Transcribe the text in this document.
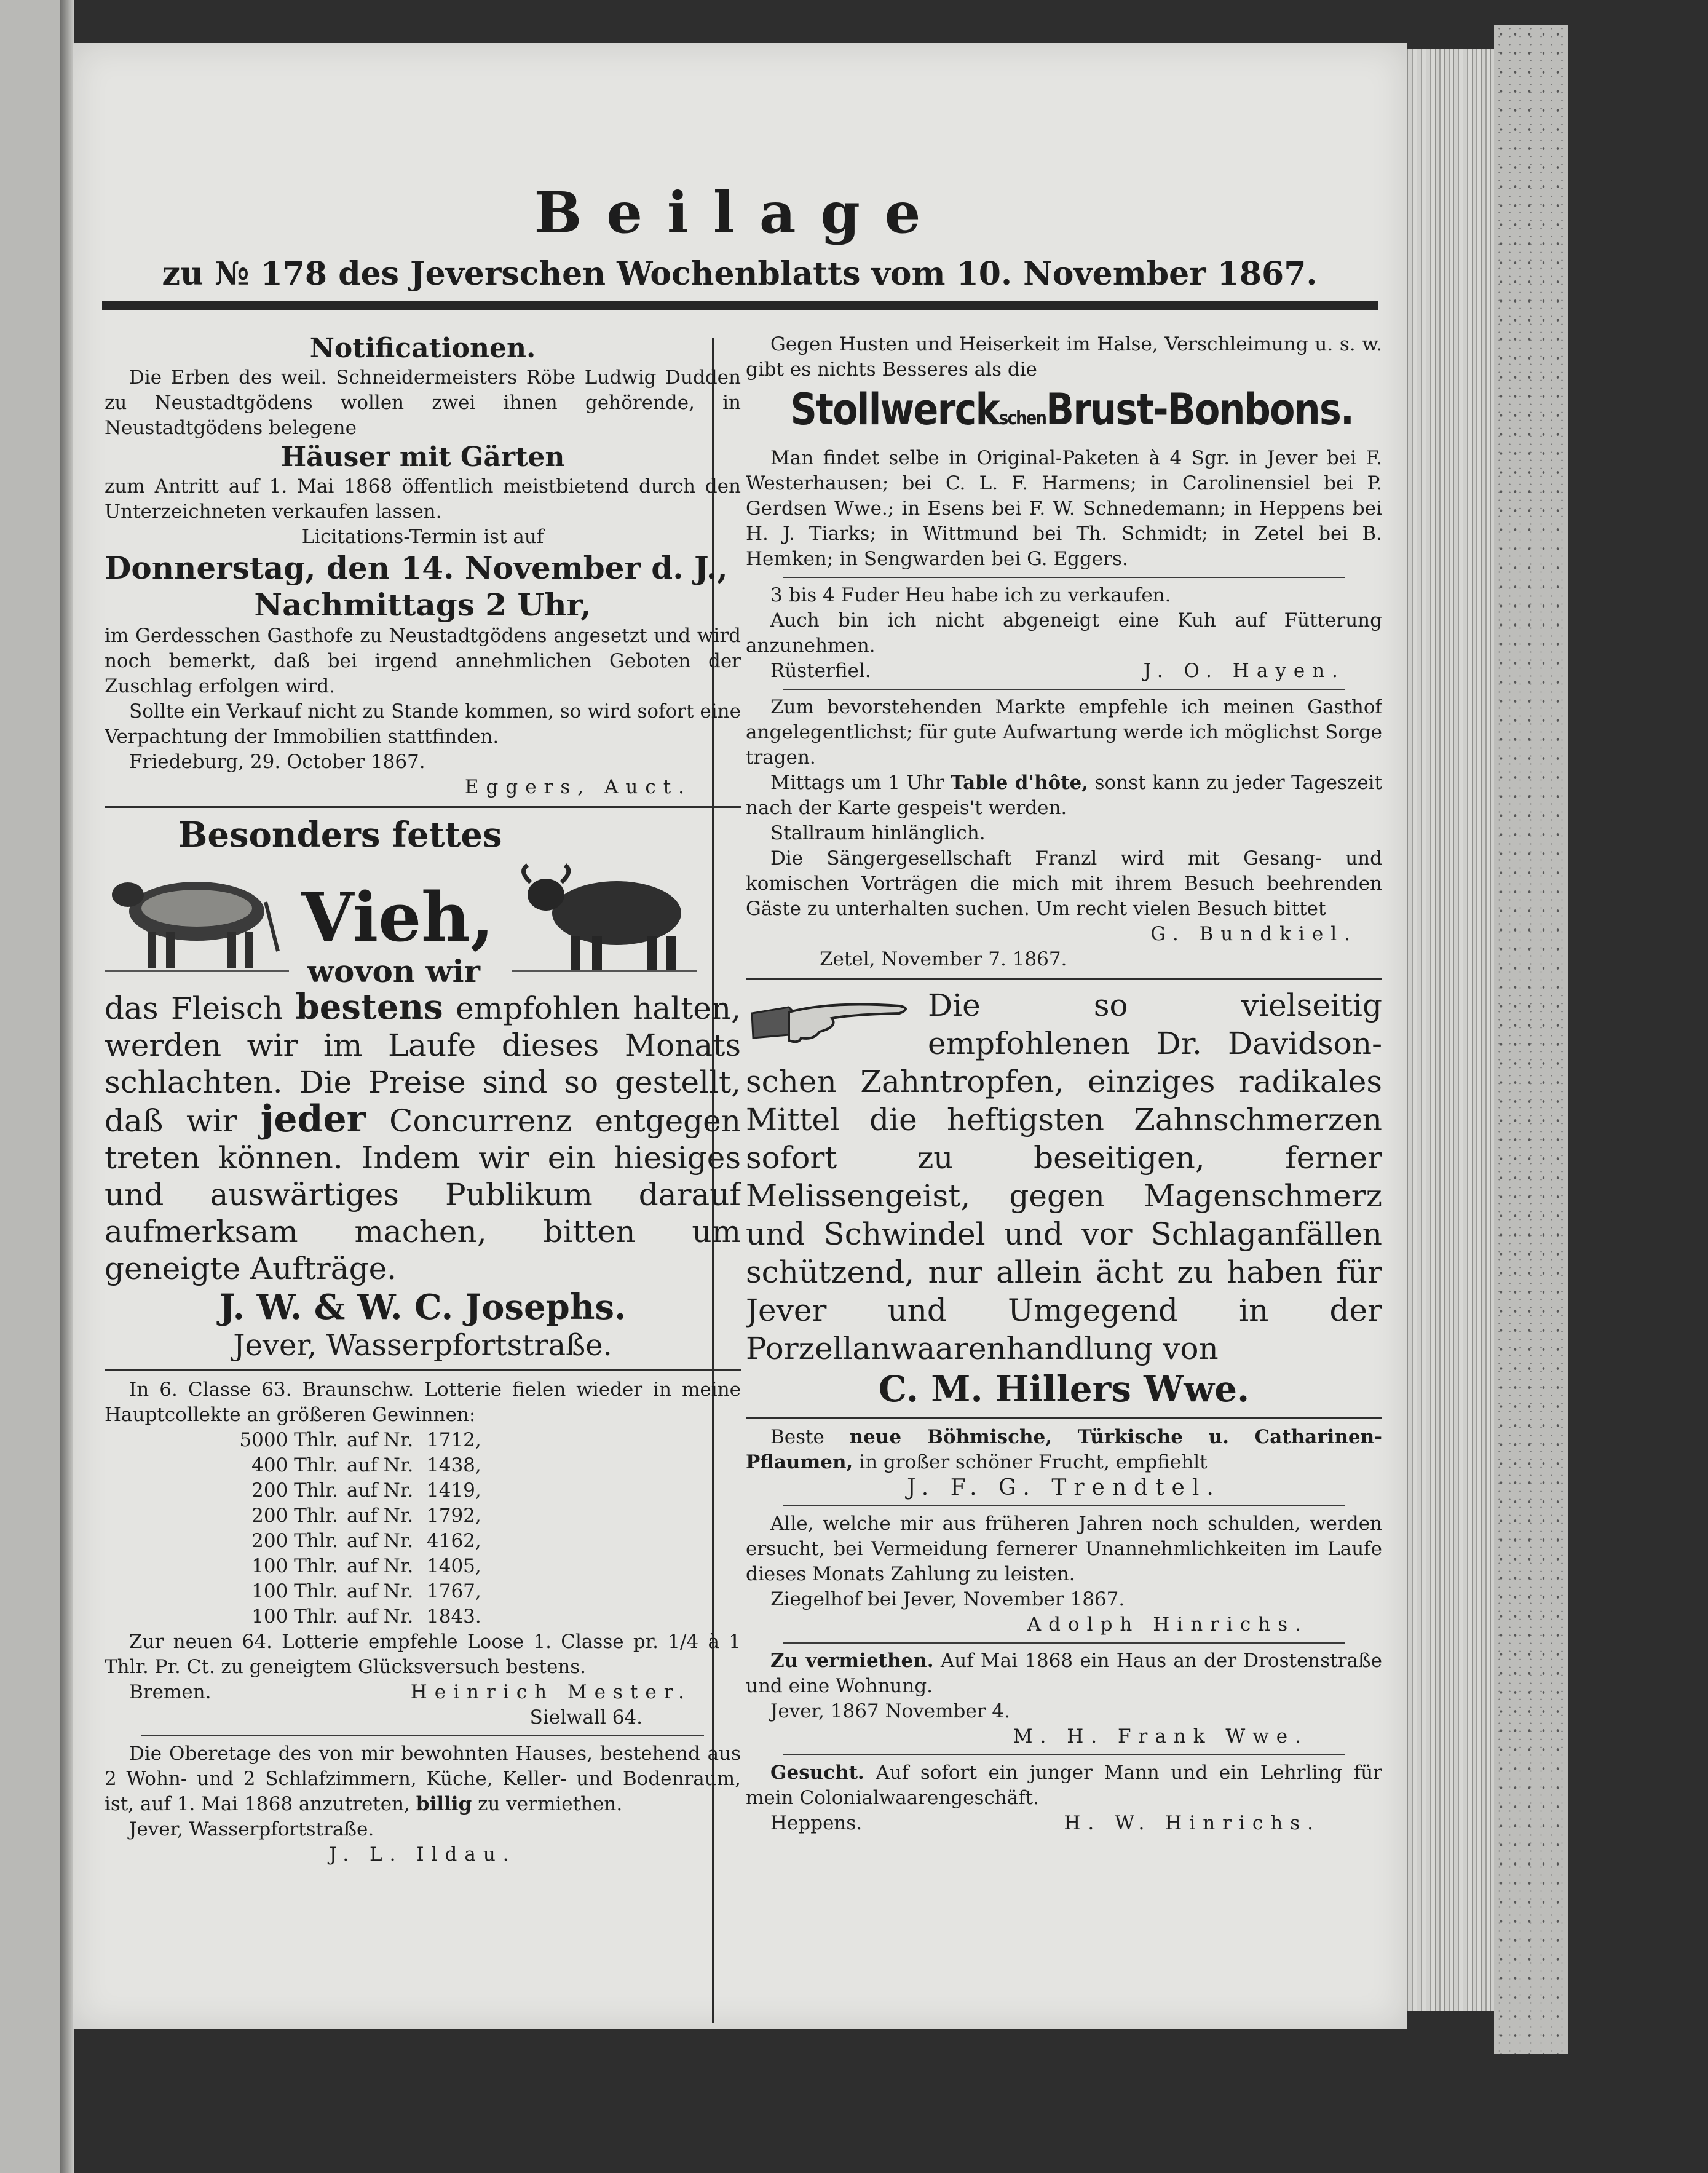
Beilage
zu № 178 des Jeverschen Wochenblatts vom 10. November 1867.

Notificationen.

Die Erben des weil. Schneidermeisters Röbe Ludwig Dudden zu Neustadtgödens wollen zwei ihnen gehörende, in Neustadtgödens belegene

Häuser mit Gärten

zum Antritt auf 1. Mai 1868 öffentlich meistbietend durch den Unterzeichneten verkaufen lassen.

Licitations-Termin ist auf

Donnerstag, den 14. November d. J.,

Nachmittags 2 Uhr,

im Gerdesschen Gasthofe zu Neustadtgödens angesetzt und wird noch bemerkt, daß bei irgend annehmlichen Geboten der Zuschlag erfolgen wird.

Sollte ein Verkauf nicht zu Stande kommen, so wird sofort eine Verpachtung der Immobilien stattfinden.

Friedeburg, 29. October 1867.

Eggers, Auct.

Besonders fettes

Vieh,

wovon wir

das Fleisch bestens empfohlen halten, werden wir im Laufe dieses Monats schlachten. Die Preise sind so gestellt, daß wir jeder Concurrenz entgegen treten können. Indem wir ein hiesiges und auswärtiges Publikum darauf aufmerksam machen, bitten um geneigte Aufträge.

J. W. & W. C. Josephs.

Jever, Wasserpfortstraße.

In 6. Classe 63. Braunschw. Lotterie fielen wieder in meine Hauptcollekte an größeren Gewinnen:

5000 Thlr. auf Nr. 1712,
400 Thlr. auf Nr. 1438,
200 Thlr. auf Nr. 1419,
200 Thlr. auf Nr. 1792,
200 Thlr. auf Nr. 4162,
100 Thlr. auf Nr. 1405,
100 Thlr. auf Nr. 1767,
100 Thlr. auf Nr. 1843.

Zur neuen 64. Lotterie empfehle Loose 1. Classe pr. 1/4 à 1 Thlr. Pr. Ct. zu geneigtem Glücksversuch bestens.

Bremen.	Heinrich Mester.

Sielwall 64.

Die Oberetage des von mir bewohnten Hauses, bestehend aus 2 Wohn- und 2 Schlafzimmern, Küche, Keller- und Bodenraum, ist, auf 1. Mai 1868 anzutreten, billig zu vermiethen.

Jever, Wasserpfortstraße.

J. L. Ildau.

Gegen Husten und Heiserkeit im Halse, Verschleimung u. s. w. gibt es nichts Besseres als die

StollwerckschenBrust-Bonbons.

Man findet selbe in Original-Paketen à 4 Sgr. in Jever bei F. Westerhausen; bei C. L. F. Harmens; in Carolinensiel bei P. Gerdsen Wwe.; in Esens bei F. W. Schnedemann; in Heppens bei H. J. Tiarks; in Wittmund bei Th. Schmidt; in Zetel bei B. Hemken; in Sengwarden bei G. Eggers.

3 bis 4 Fuder Heu habe ich zu verkaufen.

Auch bin ich nicht abgeneigt eine Kuh auf Fütterung anzunehmen.

Rüsterfiel.	J. O. Hayen.

Zum bevorstehenden Markte empfehle ich meinen Gasthof angelegentlichst; für gute Aufwartung werde ich möglichst Sorge tragen.

Mittags um 1 Uhr Table d'hôte, sonst kann zu jeder Tageszeit nach der Karte gespeis't werden.

Stallraum hinlänglich.

Die Sängergesellschaft Franzl wird mit Gesang- und komischen Vorträgen die mich mit ihrem Besuch beehrenden Gäste zu unterhalten suchen. Um recht vielen Besuch bittet

G. Bundkiel.

Zetel, November 7. 1867.

Die so vielseitig empfohlenen Dr. Davidson-schen Zahntropfen, einziges radikales Mittel die heftigsten Zahnschmerzen sofort zu beseitigen, ferner Melissengeist, gegen Magenschmerz und Schwindel und vor Schlaganfällen schützend, nur allein ächt zu haben für Jever und Umgegend in der Porzellanwaarenhandlung von

C. M. Hillers Wwe.

Beste neue Böhmische, Türkische u. Catharinen-Pflaumen, in großer schöner Frucht, empfiehlt

J. F. G. Trendtel.

Alle, welche mir aus früheren Jahren noch schulden, werden ersucht, bei Vermeidung fernerer Unannehmlichkeiten im Laufe dieses Monats Zahlung zu leisten.

Ziegelhof bei Jever, November 1867.

Adolph Hinrichs.

Zu vermiethen. Auf Mai 1868 ein Haus an der Drostenstraße und eine Wohnung.

Jever, 1867 November 4.

M. H. Frank Wwe.

Gesucht. Auf sofort ein junger Mann und ein Lehrling für mein Colonialwaarengeschäft.

Heppens.	H. W. Hinrichs.
